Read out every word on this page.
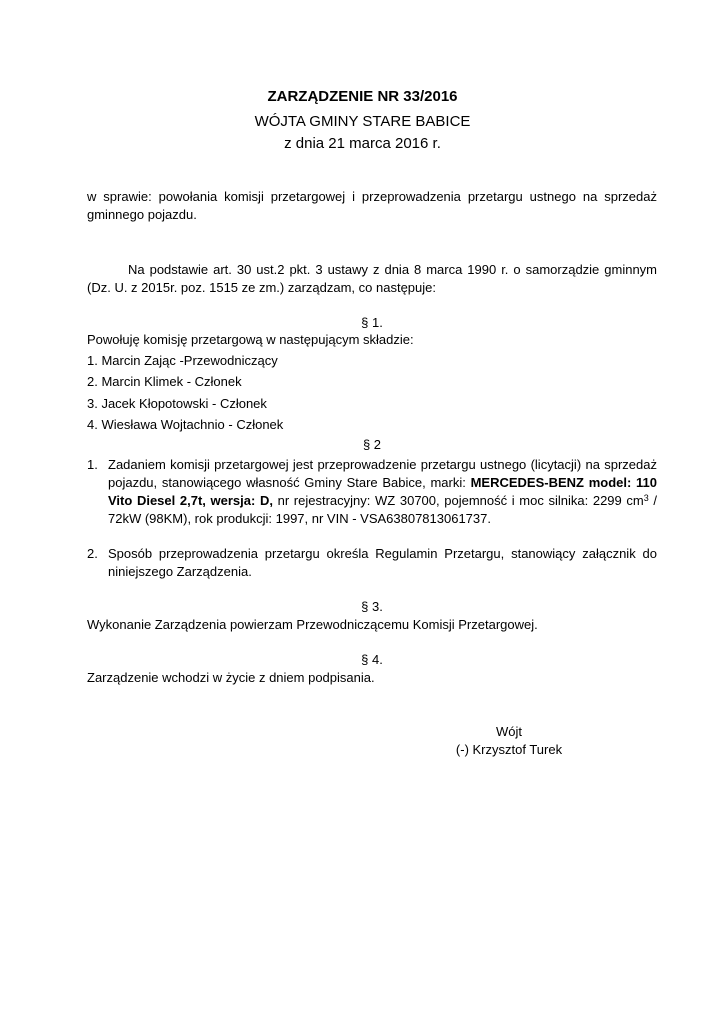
ZARZĄDZENIE NR 33/2016
WÓJTA GMINY STARE BABICE
z dnia 21 marca 2016 r.
w sprawie: powołania komisji przetargowej i przeprowadzenia przetargu ustnego na sprzedaż gminnego pojazdu.
Na podstawie art. 30 ust.2 pkt. 3 ustawy z dnia 8 marca 1990 r. o samorządzie gminnym (Dz. U. z 2015r. poz. 1515 ze zm.) zarządzam, co następuje:
§ 1.
Powołuję komisję przetargową w następującym składzie:
1. Marcin Zając -Przewodniczący
2. Marcin Klimek - Członek
3. Jacek Kłopotowski - Członek
4. Wiesława Wojtachnio - Członek
§ 2
1. Zadaniem komisji przetargowej jest przeprowadzenie przetargu ustnego (licytacji) na sprzedaż pojazdu, stanowiącego własność Gminy Stare Babice, marki: MERCEDES-BENZ model: 110 Vito Diesel 2,7t, wersja: D, nr rejestracyjny: WZ 30700, pojemność i moc silnika: 2299 $cm^3 / 72kW$ (98KM), rok produkcji: 1997, nr VIN - VSA63807813061737.
2. Sposób przeprowadzenia przetargu określa Regulamin Przetargu, stanowiący załącznik do niniejszego Zarządzenia.
§ 3.
Wykonanie Zarządzenia powierzam Przewodniczącemu Komisji Przetargowej.
§ 4.
Zarządzenie wchodzi w życie z dniem podpisania.
Wójt
(-) Krzysztof Turek
